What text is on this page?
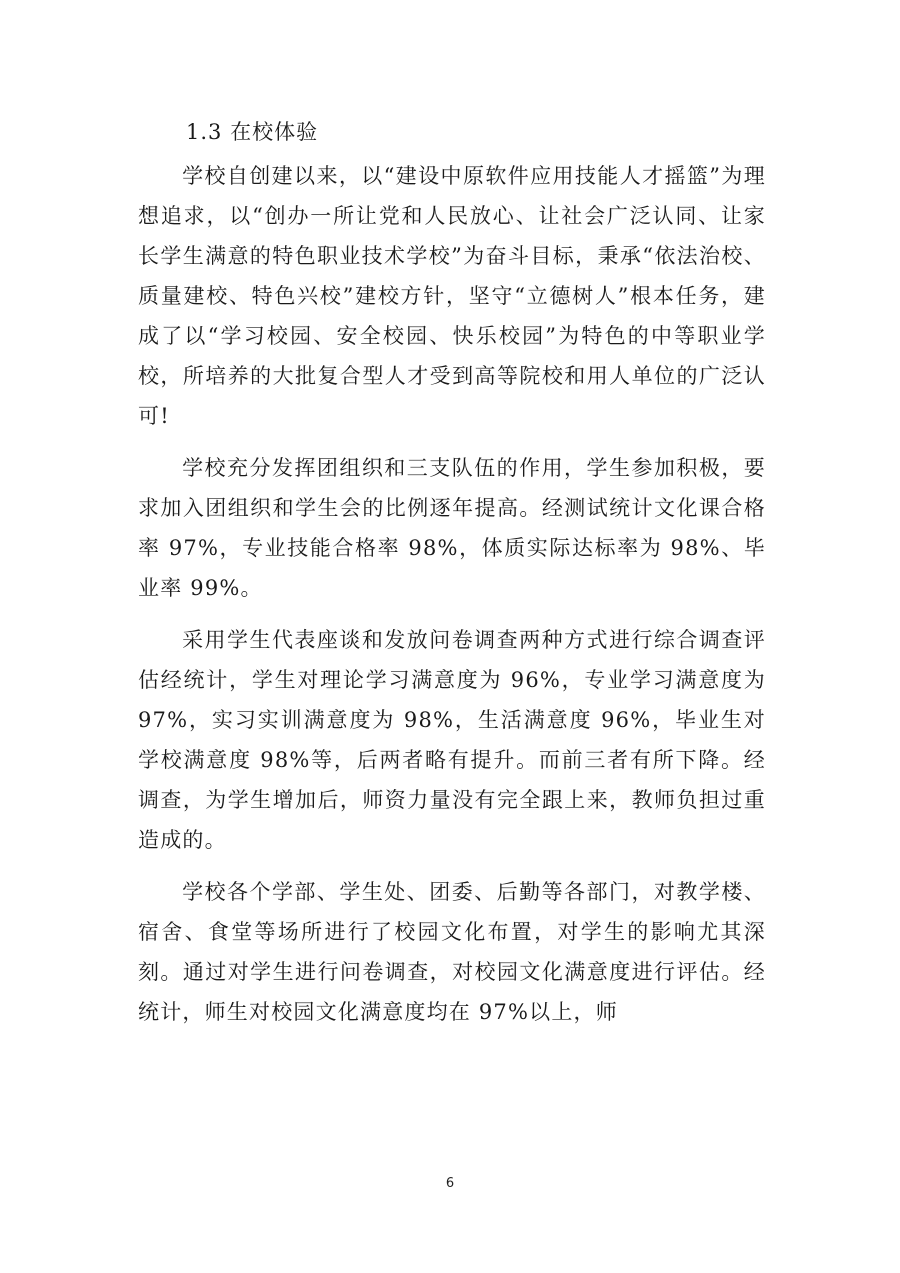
1.3 在校体验

学校自创建以来，以“建设中原软件应用技能人才摇篮”为理想追求，以“创办一所让党和人民放心、让社会广泛认同、让家长学生满意的特色职业技术学校”为奋斗目标，秉承“依法治校、质量建校、特色兴校”建校方针，坚守“立德树人”根本任务，建成了以“学习校园、安全校园、快乐校园”为特色的中等职业学校，所培养的大批复合型人才受到高等院校和用人单位的广泛认可!

学校充分发挥团组织和三支队伍的作用，学生参加积极，要求加入团组织和学生会的比例逐年提高。经测试统计文化课合格率 97%，专业技能合格率 98%，体质实际达标率为 98%、毕业率 99%。

采用学生代表座谈和发放问卷调查两种方式进行综合调查评估经统计，学生对理论学习满意度为 96%，专业学习满意度为 97%，实习实训满意度为 98%，生活满意度 96%，毕业生对学校满意度 98%等，后两者略有提升。而前三者有所下降。经调查，为学生增加后，师资力量没有完全跟上来，教师负担过重造成的。

学校各个学部、学生处、团委、后勤等各部门，对教学楼、宿舍、食堂等场所进行了校园文化布置，对学生的影响尤其深刻。通过对学生进行问卷调查，对校园文化满意度进行评估。经统计，师生对校园文化满意度均在 97%以上，师

6
